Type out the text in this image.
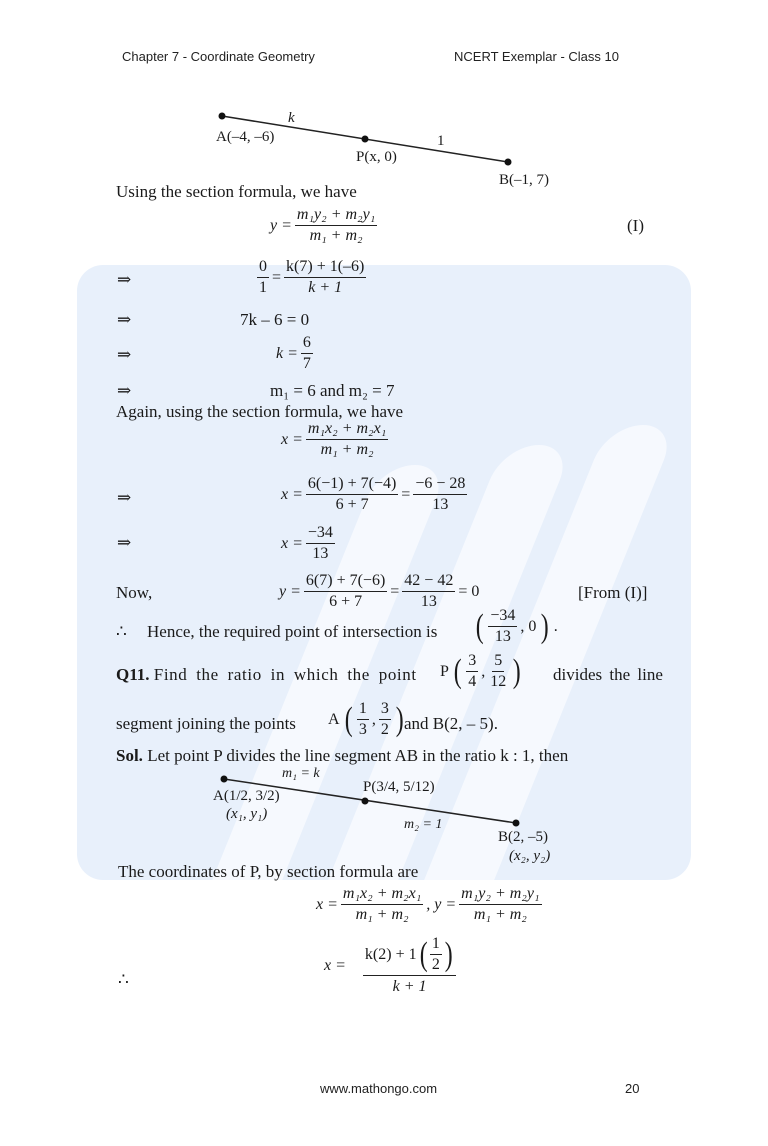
Chapter 7 - Coordinate Geometry	NCERT Exemplar - Class 10
k
A(–4, –6)	1
P(x, 0)
B(–1, 7)
Using the section formula, we have
$y = \frac{\text{m₁y₂ + m₂y₁}}{\text{m₁ + m₂}}$	(I)
⇒	$\frac{0}{1} = \frac{k(7) + 1(-6)}{k + 1}$
⇒	7k – 6 = 0
⇒	$k = \frac{6}{7}$
⇒	m₁ = 6 and m₂ = 7
Again, using the section formula, we have
$x = \frac{\text{m₁x₂ + m₂x₁}}{\text{m₁ + m₂}}$
⇒	$x = \frac{6(-1) + 7(-4)}{6 + 7} = \frac{-6 - 28}{13}$
⇒	$x = \frac{-34}{13}$
Now,	$y = \frac{6(7) + 7(-6)}{6 + 7} = \frac{42 - 42}{13} = 0$	[From (I)]
∴ Hence, the required point of intersection is ( $\frac{-34}{13}$ , 0 ) .
Q11. Find the ratio in which the point P ( $\frac{3}{4}$ , $\frac{5}{12}$ ) divides the line
segment joining the points A ( $\frac{1}{3}$ , $\frac{3}{2}$ ) and B(2, – 5).
Sol. Let point P divides the line segment AB in the ratio k : 1, then
m₁ = k
A(1/2, 3/2)
(x₁, y₁)
P(3/4, 5/12)
m₂ = 1
B(2, –5)
(x₂, y₂)
The coordinates of P, by section formula are
$x = \frac{\text{m₁x₂ + m₂x₁}}{\text{m₁ + m₂}}$ , $y = \frac{\text{m₁y₂ + m₂y₁}}{\text{m₁ + m₂}}$
∴
$x = \frac{k(2) + 1 ( \frac{1}{2} )}{k + 1}$
www.mathongo.com	20
